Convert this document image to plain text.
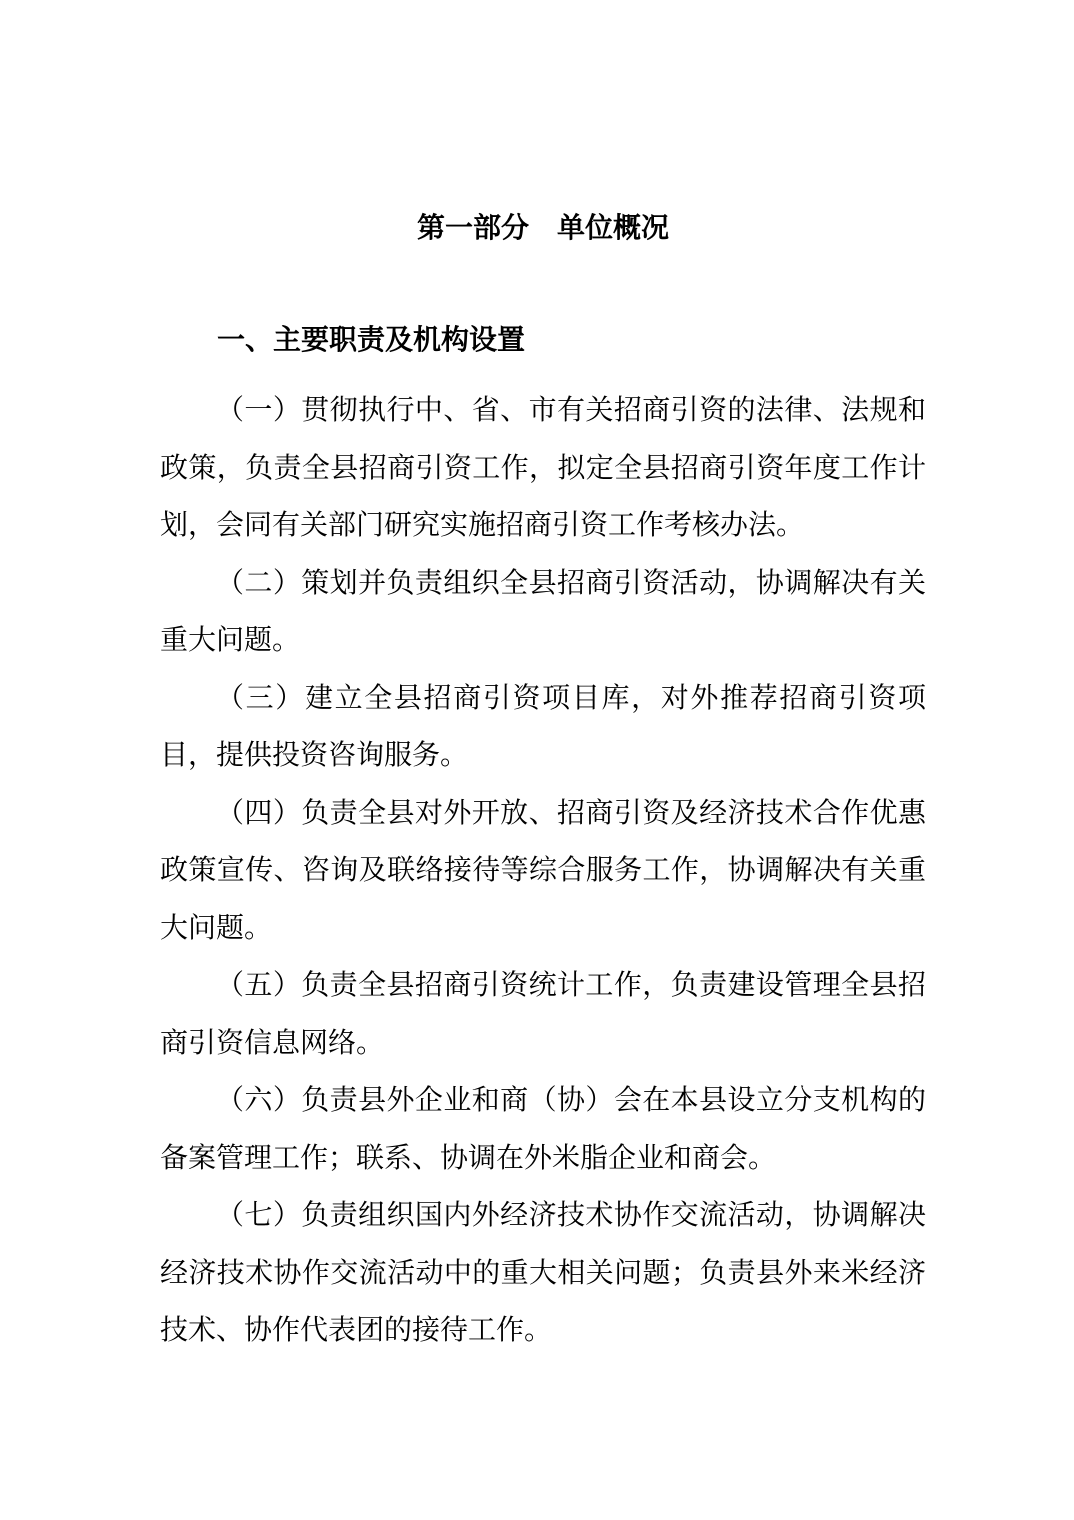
第一部分　单位概况
一、主要职责及机构设置

（一）贯彻执行中、省、市有关招商引资的法律、法规和政策，负责全县招商引资工作，拟定全县招商引资年度工作计划，会同有关部门研究实施招商引资工作考核办法。

（二）策划并负责组织全县招商引资活动，协调解决有关重大问题。

（三）建立全县招商引资项目库，对外推荐招商引资项目，提供投资咨询服务。

（四）负责全县对外开放、招商引资及经济技术合作优惠政策宣传、咨询及联络接待等综合服务工作，协调解决有关重大问题。

（五）负责全县招商引资统计工作，负责建设管理全县招商引资信息网络。

（六）负责县外企业和商（协）会在本县设立分支机构的备案管理工作；联系、协调在外米脂企业和商会。

（七）负责组织国内外经济技术协作交流活动，协调解决经济技术协作交流活动中的重大相关问题；负责县外来米经济技术、协作代表团的接待工作。
